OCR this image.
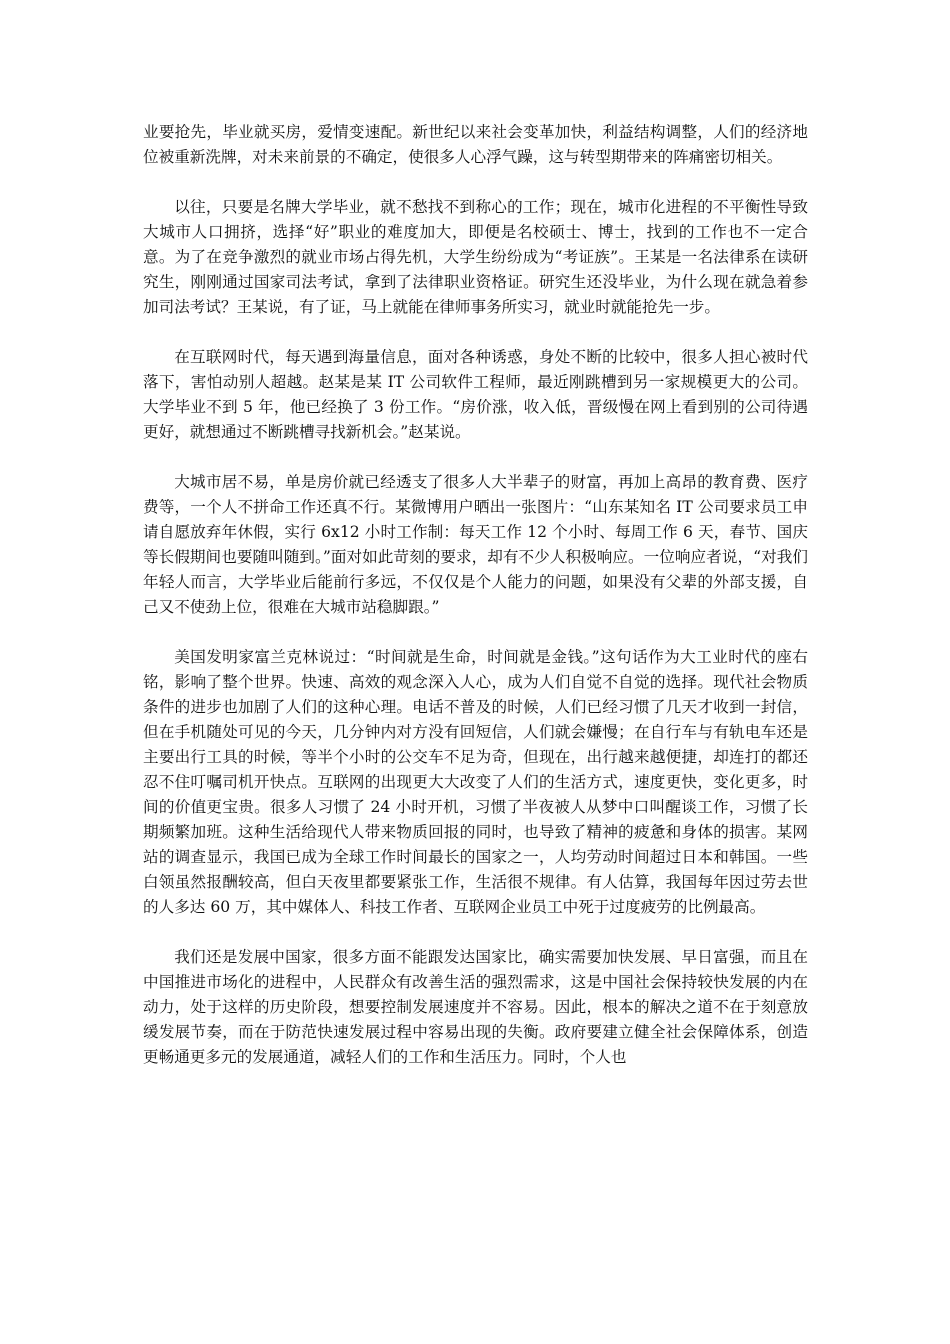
业要抢先，毕业就买房，爱情变速配。新世纪以来社会变革加快，利益结构调整，人们的经济地位被重新洗牌，对未来前景的不确定，使很多人心浮气躁，这与转型期带来的阵痛密切相关。

以往，只要是名牌大学毕业，就不愁找不到称心的工作；现在，城市化进程的不平衡性导致大城市人口拥挤，选择“好”职业的难度加大，即便是名校硕士、博士，找到的工作也不一定合意。为了在竞争激烈的就业市场占得先机，大学生纷纷成为“考证族”。王某是一名法律系在读研究生，刚刚通过国家司法考试，拿到了法律职业资格证。研究生还没毕业，为什么现在就急着参加司法考试？王某说，有了证，马上就能在律师事务所实习，就业时就能抢先一步。

在互联网时代，每天遇到海量信息，面对各种诱惑，身处不断的比较中，很多人担心被时代落下，害怕动别人超越。赵某是某 IT 公司软件工程师，最近刚跳槽到另一家规模更大的公司。大学毕业不到 5 年，他已经换了 3 份工作。“房价涨，收入低，晋级慢在网上看到别的公司待遇更好，就想通过不断跳槽寻找新机会。”赵某说。

大城市居不易，单是房价就已经透支了很多人大半辈子的财富，再加上高昂的教育费、医疗费等，一个人不拼命工作还真不行。某微博用户晒出一张图片：“山东某知名 IT 公司要求员工申请自愿放弃年休假，实行 6x12 小时工作制：每天工作 12 个小时、每周工作 6 天，春节、国庆等长假期间也要随叫随到。”面对如此苛刻的要求，却有不少人积极响应。一位响应者说，“对我们年轻人而言，大学毕业后能前行多远，不仅仅是个人能力的问题，如果没有父辈的外部支援，自己又不使劲上位，很难在大城市站稳脚跟。”

美国发明家富兰克林说过：“时间就是生命，时间就是金钱。”这句话作为大工业时代的座右铭，影响了整个世界。快速、高效的观念深入人心，成为人们自觉不自觉的选择。现代社会物质条件的进步也加剧了人们的这种心理。电话不普及的时候，人们已经习惯了几天才收到一封信，但在手机随处可见的今天，几分钟内对方没有回短信，人们就会嫌慢；在自行车与有轨电车还是主要出行工具的时候，等半个小时的公交车不足为奇，但现在，出行越来越便捷，却连打的都还忍不住叮嘱司机开快点。互联网的出现更大大改变了人们的生活方式，速度更快，变化更多，时间的价值更宝贵。很多人习惯了 24 小时开机，习惯了半夜被人从梦中口叫醒谈工作，习惯了长期频繁加班。这种生活给现代人带来物质回报的同时，也导致了精神的疲惫和身体的损害。某网站的调查显示，我国已成为全球工作时间最长的国家之一，人均劳动时间超过日本和韩国。一些白领虽然报酬较高，但白天夜里都要紧张工作，生活很不规律。有人估算，我国每年因过劳去世的人多达 60 万，其中媒体人、科技工作者、互联网企业员工中死于过度疲劳的比例最高。

我们还是发展中国家，很多方面不能跟发达国家比，确实需要加快发展、早日富强，而且在中国推进市场化的进程中，人民群众有改善生活的强烈需求，这是中国社会保持较快发展的内在动力，处于这样的历史阶段，想要控制发展速度并不容易。因此，根本的解决之道不在于刻意放缓发展节奏，而在于防范快速发展过程中容易出现的失衡。政府要建立健全社会保障体系，创造更畅通更多元的发展通道，减轻人们的工作和生活压力。同时，个人也
